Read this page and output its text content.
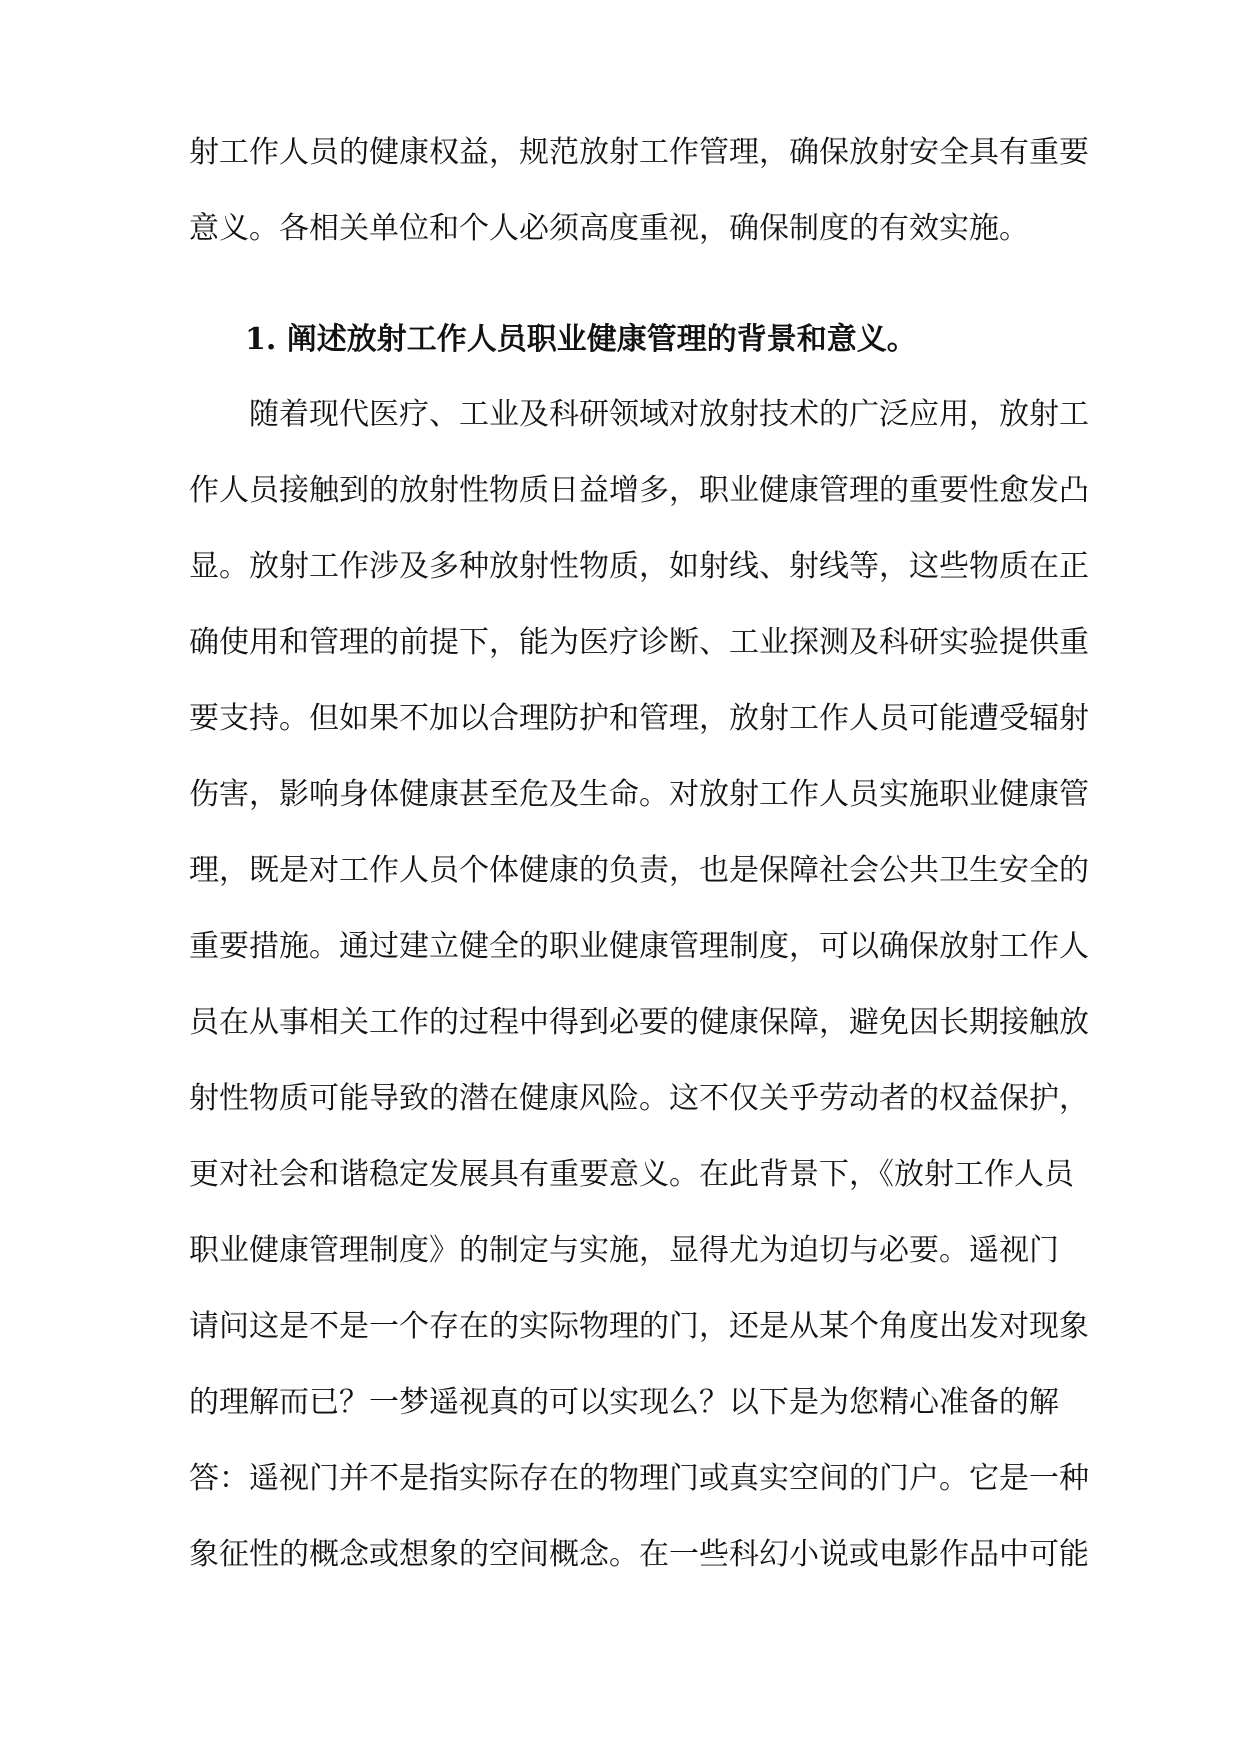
射工作人员的健康权益，规范放射工作管理，确保放射安全具有重要
意义。各相关单位和个人必须高度重视，确保制度的有效实施。
1. 阐述放射工作人员职业健康管理的背景和意义。
　　随着现代医疗、工业及科研领域对放射技术的广泛应用，放射工
作人员接触到的放射性物质日益增多，职业健康管理的重要性愈发凸
显。放射工作涉及多种放射性物质，如射线、射线等，这些物质在正
确使用和管理的前提下，能为医疗诊断、工业探测及科研实验提供重
要支持。但如果不加以合理防护和管理，放射工作人员可能遭受辐射
伤害，影响身体健康甚至危及生命。对放射工作人员实施职业健康管
理，既是对工作人员个体健康的负责，也是保障社会公共卫生安全的
重要措施。通过建立健全的职业健康管理制度，可以确保放射工作人
员在从事相关工作的过程中得到必要的健康保障，避免因长期接触放
射性物质可能导致的潜在健康风险。这不仅关乎劳动者的权益保护，
更对社会和谐稳定发展具有重要意义。在此背景下，《放射工作人员
职业健康管理制度》的制定与实施，显得尤为迫切与必要。遥视门
请问这是不是一个存在的实际物理的门，还是从某个角度出发对现象
的理解而已？一梦遥视真的可以实现么？以下是为您精心准备的解
答：遥视门并不是指实际存在的物理门或真实空间的门户。它是一种
象征性的概念或想象的空间概念。在一些科幻小说或电影作品中可能
